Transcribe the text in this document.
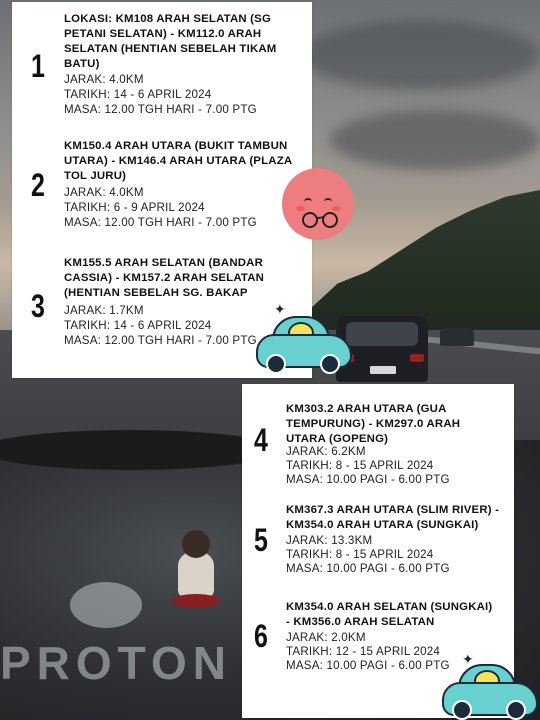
PROTON
1
LOKASI: KM108 ARAH SELATAN (SG PETANI SELATAN) - KM112.0 ARAH SELATAN (HENTIAN SEBELAH TIKAM BATU)
JARAK: 4.0KM
TARIKH: 14 - 6 APRIL 2024
MASA: 12.00 TGH HARI - 7.00 PTG
2
KM150.4 ARAH UTARA (BUKIT TAMBUN UTARA) - KM146.4 ARAH UTARA (PLAZA TOL JURU)
JARAK: 4.0KM
TARIKH: 6 - 9 APRIL 2024
MASA: 12.00 TGH HARI - 7.00 PTG
3
KM155.5 ARAH SELATAN (BANDAR CASSIA) - KM157.2 ARAH SELATAN (HENTIAN SEBELAH SG. BAKAP
JARAK: 1.7KM
TARIKH: 14 - 6 APRIL 2024
MASA: 12.00 TGH HARI - 7.00 PTG
4
KM303.2 ARAH UTARA (GUA TEMPURUNG) - KM297.0 ARAH UTARA (GOPENG)
JARAK: 6.2KM
TARIKH: 8 - 15 APRIL 2024
MASA: 10.00 PAGI - 6.00 PTG
5
KM367.3 ARAH UTARA (SLIM RIVER) - KM354.0 ARAH UTARA (SUNGKAI)
JARAK: 13.3KM
TARIKH: 8 - 15 APRIL 2024
MASA: 10.00 PAGI - 6.00 PTG
6
KM354.0 ARAH SELATAN (SUNGKAI) - KM356.0 ARAH SELATAN
JARAK: 2.0KM
TARIKH: 12 - 15 APRIL 2024
MASA: 10.00 PAGI - 6.00 PTG
✦
✦
